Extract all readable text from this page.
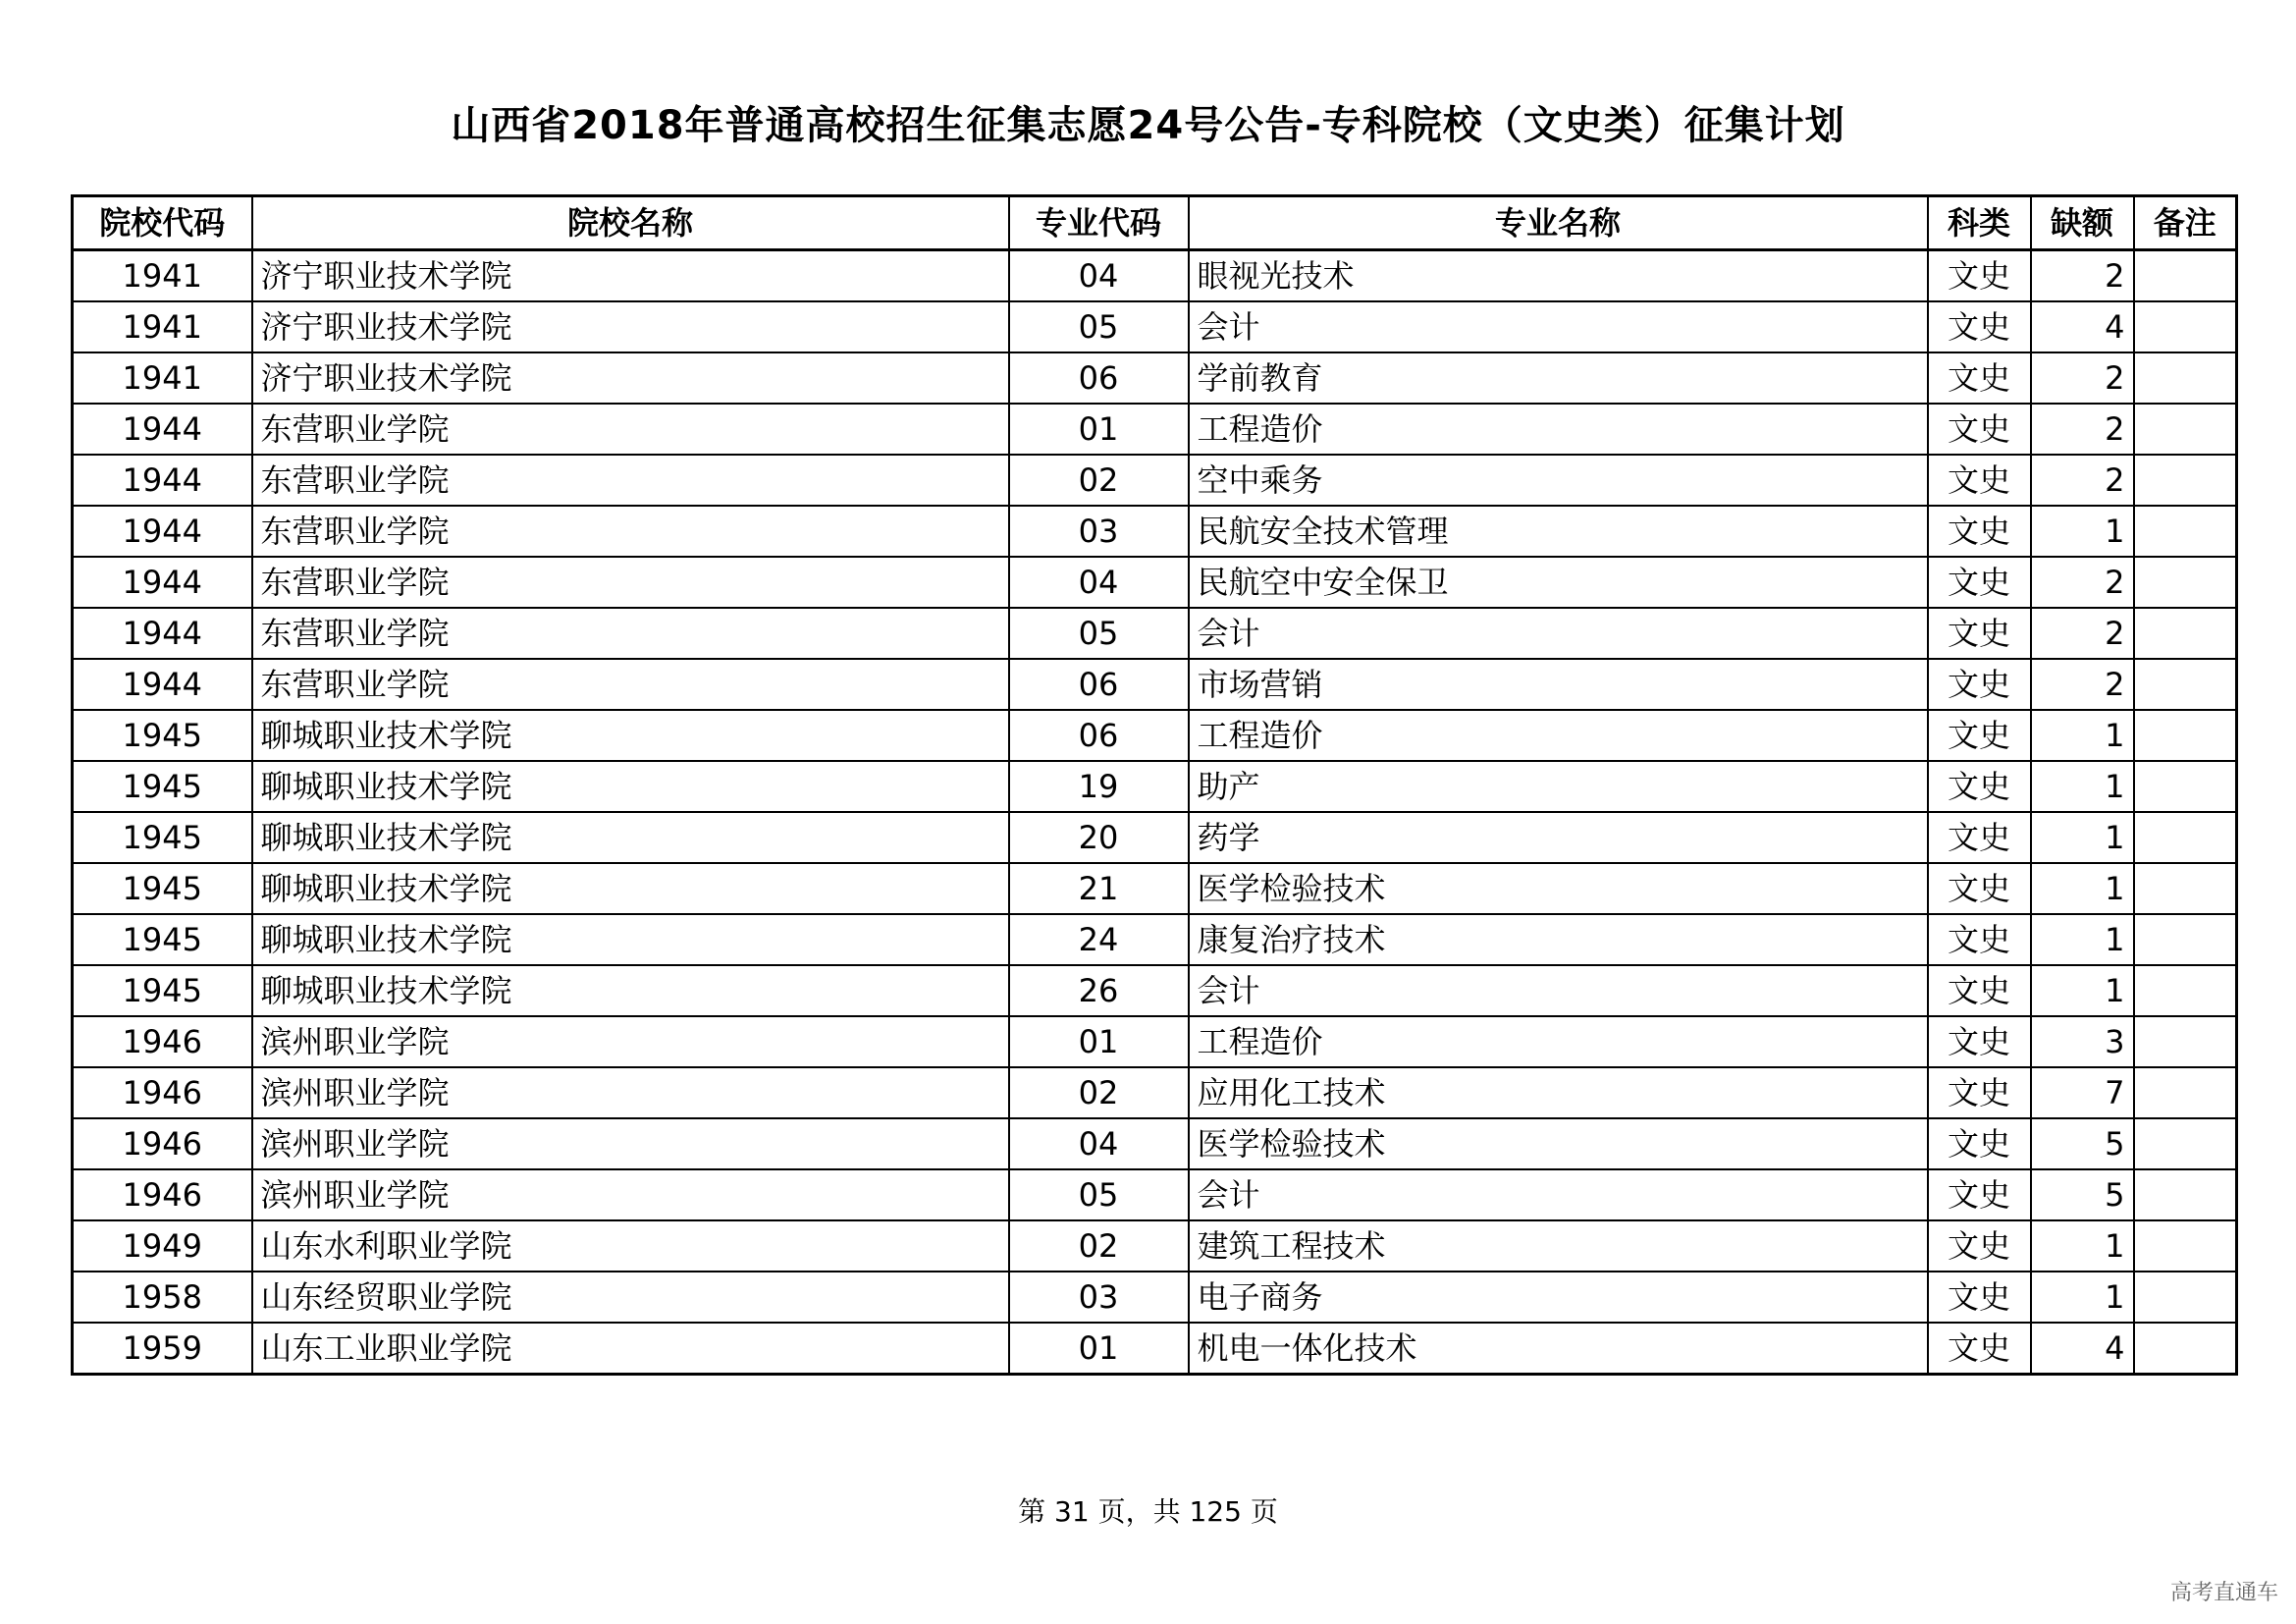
山西省2018年普通高校招生征集志愿24号公告-专科院校（文史类）征集计划
院校代码	院校名称	专业代码	专业名称	科类	缺额	备注
1941	济宁职业技术学院	04	眼视光技术	文史	2	
1941	济宁职业技术学院	05	会计	文史	4	
1941	济宁职业技术学院	06	学前教育	文史	2	
1944	东营职业学院	01	工程造价	文史	2	
1944	东营职业学院	02	空中乘务	文史	2	
1944	东营职业学院	03	民航安全技术管理	文史	1	
1944	东营职业学院	04	民航空中安全保卫	文史	2	
1944	东营职业学院	05	会计	文史	2	
1944	东营职业学院	06	市场营销	文史	2	
1945	聊城职业技术学院	06	工程造价	文史	1	
1945	聊城职业技术学院	19	助产	文史	1	
1945	聊城职业技术学院	20	药学	文史	1	
1945	聊城职业技术学院	21	医学检验技术	文史	1	
1945	聊城职业技术学院	24	康复治疗技术	文史	1	
1945	聊城职业技术学院	26	会计	文史	1	
1946	滨州职业学院	01	工程造价	文史	3	
1946	滨州职业学院	02	应用化工技术	文史	7	
1946	滨州职业学院	04	医学检验技术	文史	5	
1946	滨州职业学院	05	会计	文史	5	
1949	山东水利职业学院	02	建筑工程技术	文史	1	
1958	山东经贸职业学院	03	电子商务	文史	1	
1959	山东工业职业学院	01	机电一体化技术	文史	4	
第 31 页，共 125 页
高考直通车
